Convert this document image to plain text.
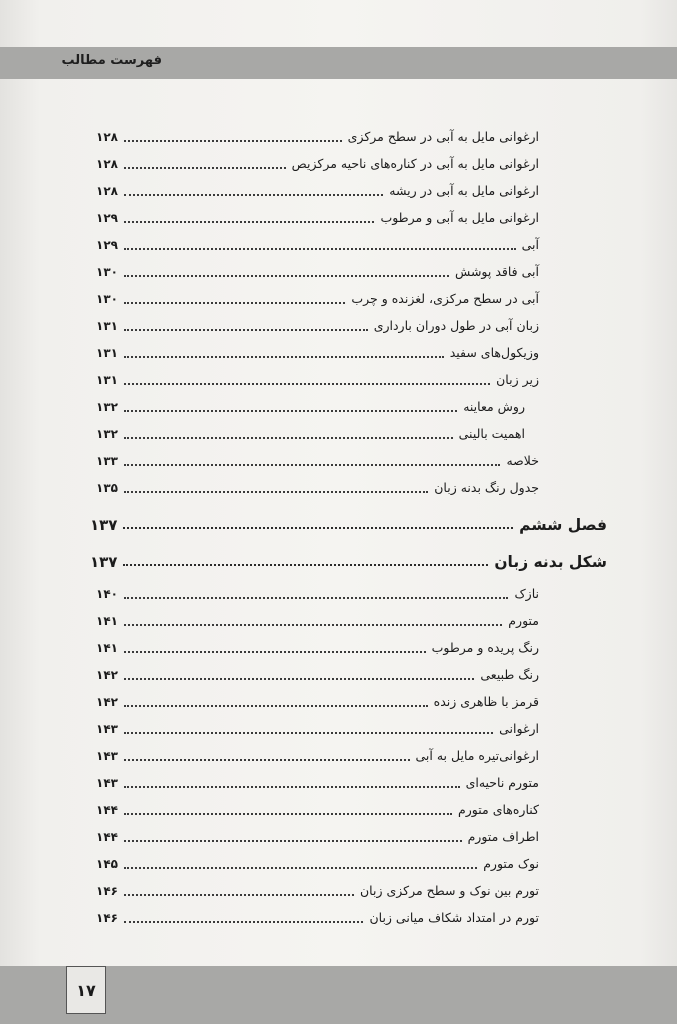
فهرست مطالب
ارغوانی مایل به آبی در سطح مرکزی
۱۲۸
ارغوانی مایل به آبی در کناره‌های ناحیه مرکزیص
۱۲۸
ارغوانی مایل به آبی در ریشه
۱۲۸
ارغوانی مایل به آبی و مرطوب
۱۲۹
آبی
۱۲۹
آبی فاقد پوشش
۱۳۰
آبی در سطح مرکزی، لغزنده و چرب
۱۳۰
زبان آبی در طول دوران بارداری
۱۳۱
وزیکول‌های سفید
۱۳۱
زیر زبان
۱۳۱
روش معاینه
۱۳۲
اهمیت بالینی
۱۳۲
خلاصه
۱۳۳
جدول رنگ بدنه زبان
۱۳۵
فصل ششم
۱۳۷
شکل بدنه زبان
۱۳۷
نازک
۱۴۰
متورم
۱۴۱
رنگ پریده و مرطوب
۱۴۱
رنگ طبیعی
۱۴۲
قرمز با ظاهری زنده
۱۴۲
ارغوانی
۱۴۳
ارغوانی‌تیره مایل به آبی
۱۴۳
متورم ناحیه‌ای
۱۴۳
کناره‌های متورم
۱۴۴
اطراف متورم
۱۴۴
نوک متورم
۱۴۵
تورم بین نوک و سطح مرکزی زبان
۱۴۶
تورم در امتداد شکاف میانی زبان
۱۴۶
۱۷
